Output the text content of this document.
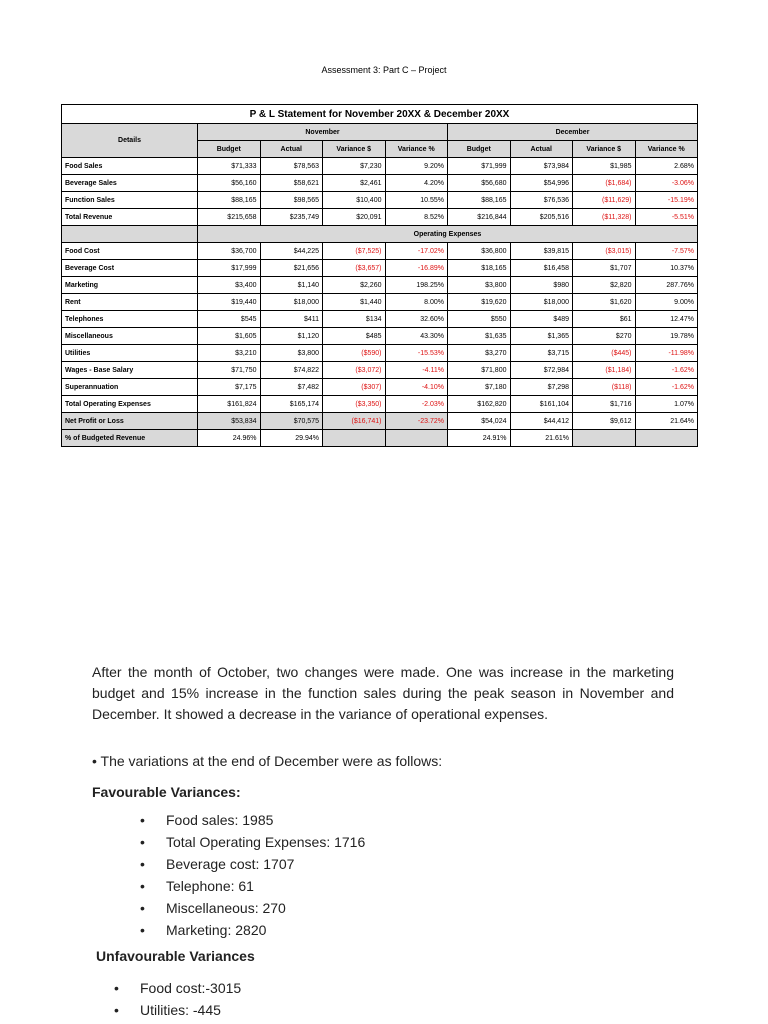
Assessment 3: Part C – Project
P & L Statement for November 20XX & December 20XX								
Details	November				December			
	Budget	Actual	Variance $	Variance %	Budget	Actual	Variance $	Variance %
Food Sales	$71,333	$78,563	$7,230	9.20%	$71,999	$73,984	$1,985	2.68%
Beverage Sales	$56,160	$58,621	$2,461	4.20%	$56,680	$54,996	($1,684)	-3.06%
Function Sales	$88,165	$98,565	$10,400	10.55%	$88,165	$76,536	($11,629)	-15.19%
Total Revenue	$215,658	$235,749	$20,091	8.52%	$216,844	$205,516	($11,328)	-5.51%
	Operating Expenses							
Food Cost	$36,700	$44,225	($7,525)	-17.02%	$36,800	$39,815	($3,015)	-7.57%
Beverage Cost	$17,999	$21,656	($3,657)	-16.89%	$18,165	$16,458	$1,707	10.37%
Marketing	$3,400	$1,140	$2,260	198.25%	$3,800	$980	$2,820	287.76%
Rent	$19,440	$18,000	$1,440	8.00%	$19,620	$18,000	$1,620	9.00%
Telephones	$545	$411	$134	32.60%	$550	$489	$61	12.47%
Miscellaneous	$1,605	$1,120	$485	43.30%	$1,635	$1,365	$270	19.78%
Utilities	$3,210	$3,800	($590)	-15.53%	$3,270	$3,715	($445)	-11.98%
Wages - Base Salary	$71,750	$74,822	($3,072)	-4.11%	$71,800	$72,984	($1,184)	-1.62%
Superannuation	$7,175	$7,482	($307)	-4.10%	$7,180	$7,298	($118)	-1.62%
Total Operating Expenses	$161,824	$165,174	($3,350)	-2.03%	$162,820	$161,104	$1,716	1.07%
Net Profit or Loss	$53,834	$70,575	($16,741)	-23.72%	$54,024	$44,412	$9,612	21.64%
% of Budgeted Revenue	24.96%	29.94%			24.91%	21.61%		
After the month of October, two changes were made. One was increase in the marketing budget and 15% increase in the function sales during the peak season in November and December. It showed a decrease in the variance of operational expenses.
• The variations at the end of December were as follows:
Favourable Variances:
•	Food sales: 1985
•	Total Operating Expenses: 1716
•	Beverage cost: 1707
•	Telephone: 61
•	Miscellaneous: 270
•	Marketing: 2820
Unfavourable Variances
•	Food cost:-3015
•	Utilities: -445
